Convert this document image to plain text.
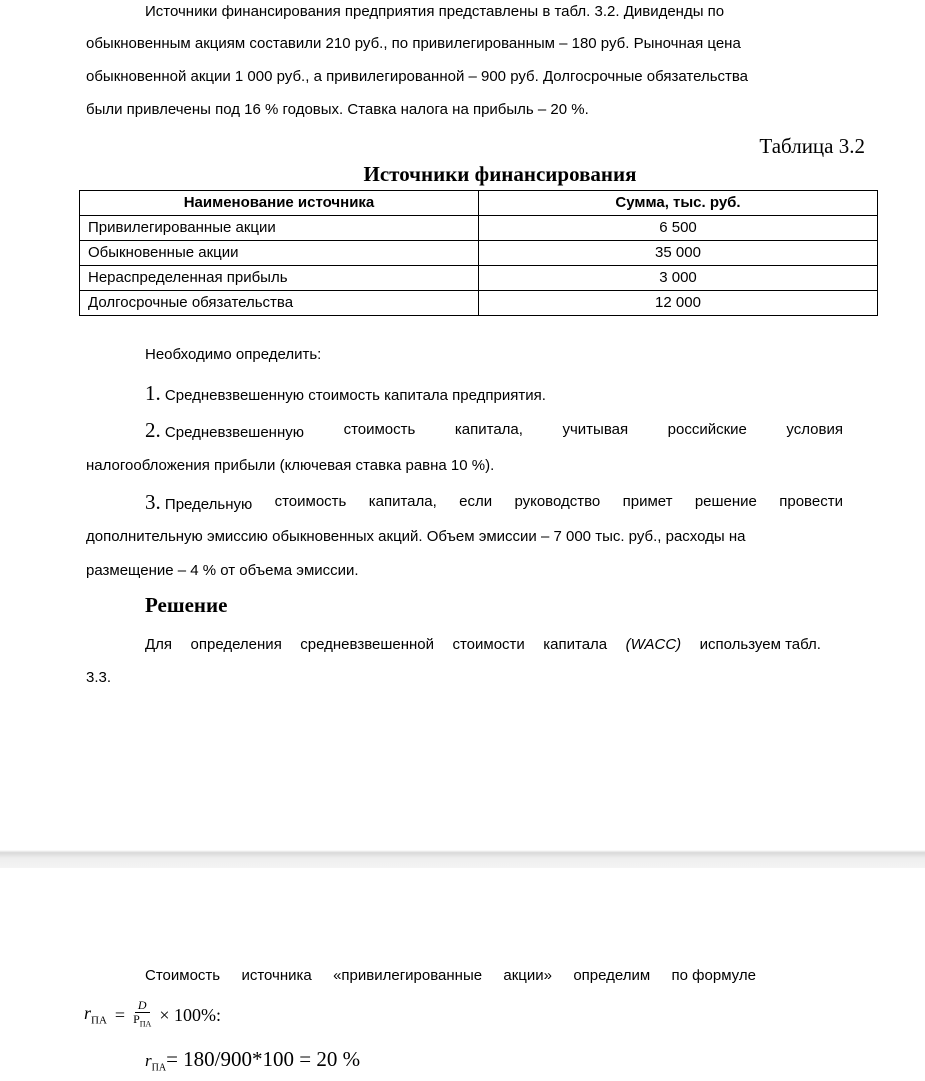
Источники финансирования предприятия представлены в табл. 3.2. Дивиденды по

обыкновенным акциям составили 210 руб., по привилегированным – 180 руб. Рыночная цена

обыкновенной акции 1 000 руб., а привилегированной – 900 руб. Долгосрочные обязательства

были привлечены под 16 % годовых. Ставка налога на прибыль – 20 %.

Таблица 3.2
Источники финансирования
Наименование источника	Сумма, тыс. руб.
Привилегированные акции	6 500
Обыкновенные акции	35 000
Нераспределенная прибыль	3 000
Долгосрочные обязательства	12 000

Необходимо определить:

1. Средневзвешенную стоимость капитала предприятия.

2. Средневзвешенную	стоимость	капитала,	учитывая	российские	условия

налогообложения прибыли (ключевая ставка равна 10 %).

3. Предельную стоимость капитала, если руководство примет решение провести

дополнительную эмиссию обыкновенных акций. Объем эмиссии – 7 000 тыс. руб., расходы на

размещение – 4 % от объема эмиссии.

Решение
Для определения средневзвешенной стоимости капитала (WACC) используем табл.

3.3.

Стоимость источника «привилегированные акции» определим по формуле
$r_{ПА} = \frac{D}{P_{ПА}} \times 100\%$ :
$r_{ПА}= 180/900*100 = 20$ %
